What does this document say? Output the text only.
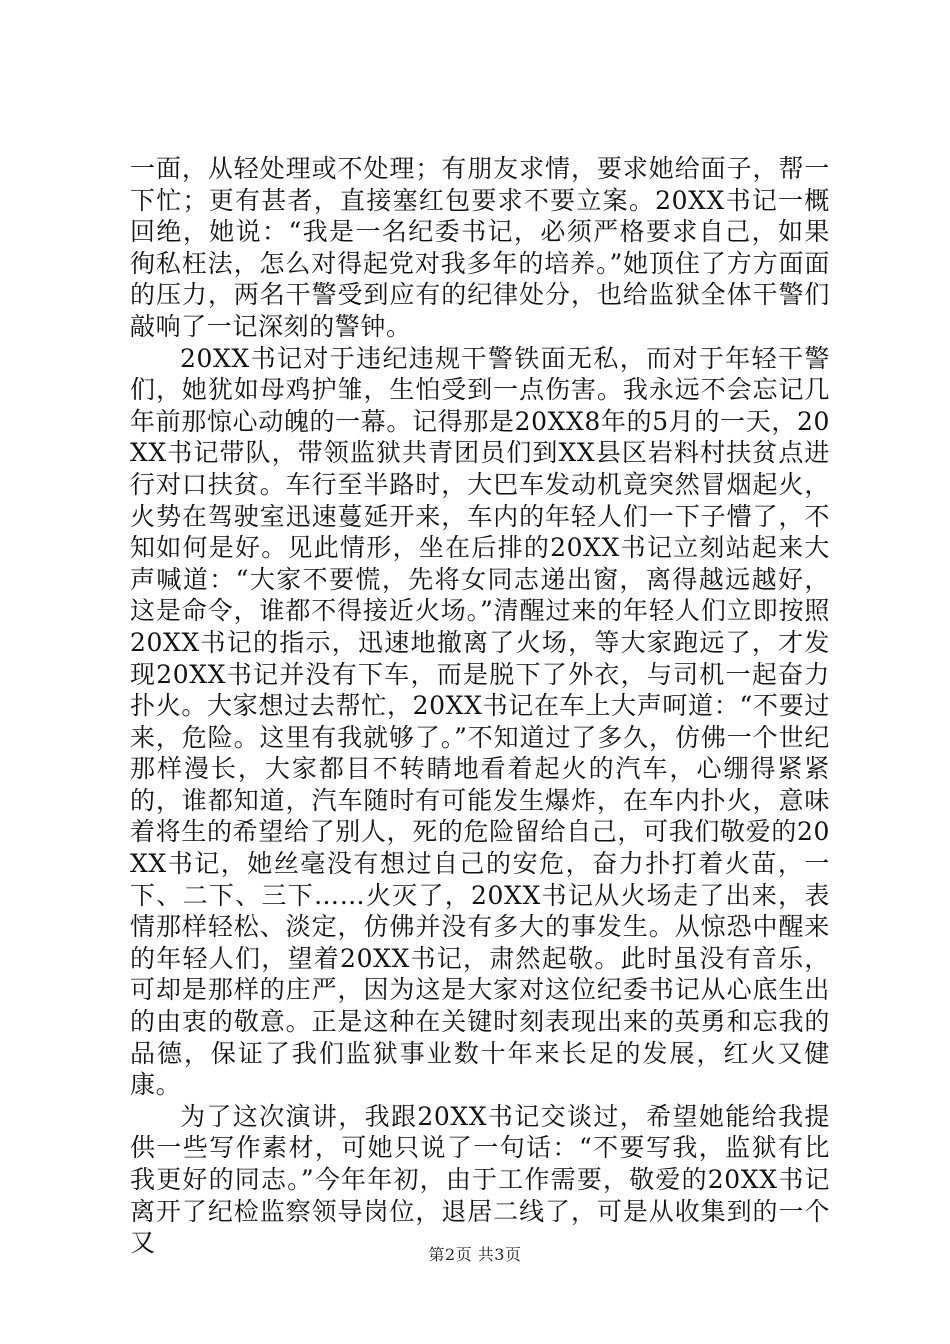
一面，从轻处理或不处理；有朋友求情，要求她给面子，帮一下忙；更有甚者，直接塞红包要求不要立案。20XX书记一概回绝，她说：“我是一名纪委书记，必须严格要求自己，如果徇私枉法，怎么对得起党对我多年的培养。”她顶住了方方面面的压力，两名干警受到应有的纪律处分，也给监狱全体干警们敲响了一记深刻的警钟。

20XX书记对于违纪违规干警铁面无私，而对于年轻干警们，她犹如母鸡护雏，生怕受到一点伤害。我永远不会忘记几年前那惊心动魄的一幕。记得那是20XX8年的5月的一天，20XX书记带队，带领监狱共青团员们到XX县区岩料村扶贫点进行对口扶贫。车行至半路时，大巴车发动机竟突然冒烟起火，火势在驾驶室迅速蔓延开来，车内的年轻人们一下子懵了，不知如何是好。见此情形，坐在后排的20XX书记立刻站起来大声喊道：“大家不要慌，先将女同志递出窗，离得越远越好，这是命令，谁都不得接近火场。”清醒过来的年轻人们立即按照20XX书记的指示，迅速地撤离了火场，等大家跑远了，才发现20XX书记并没有下车，而是脱下了外衣，与司机一起奋力扑火。大家想过去帮忙，20XX书记在车上大声呵道：“不要过来，危险。这里有我就够了。”不知道过了多久，仿佛一个世纪那样漫长，大家都目不转睛地看着起火的汽车，心绷得紧紧的，谁都知道，汽车随时有可能发生爆炸，在车内扑火，意味着将生的希望给了别人，死的危险留给自己，可我们敬爱的20XX书记，她丝毫没有想过自己的安危，奋力扑打着火苗，一下、二下、三下……火灭了，20XX书记从火场走了出来，表情那样轻松、淡定，仿佛并没有多大的事发生。从惊恐中醒来的年轻人们，望着20XX书记，肃然起敬。此时虽没有音乐，可却是那样的庄严，因为这是大家对这位纪委书记从心底生出的由衷的敬意。正是这种在关键时刻表现出来的英勇和忘我的品德，保证了我们监狱事业数十年来长足的发展，红火又健康。

为了这次演讲，我跟20XX书记交谈过，希望她能给我提供一些写作素材，可她只说了一句话：“不要写我，监狱有比我更好的同志。”今年年初，由于工作需要，敬爱的20XX书记离开了纪检监察领导岗位，退居二线了，可是从收集到的一个又	第2页 共3页
